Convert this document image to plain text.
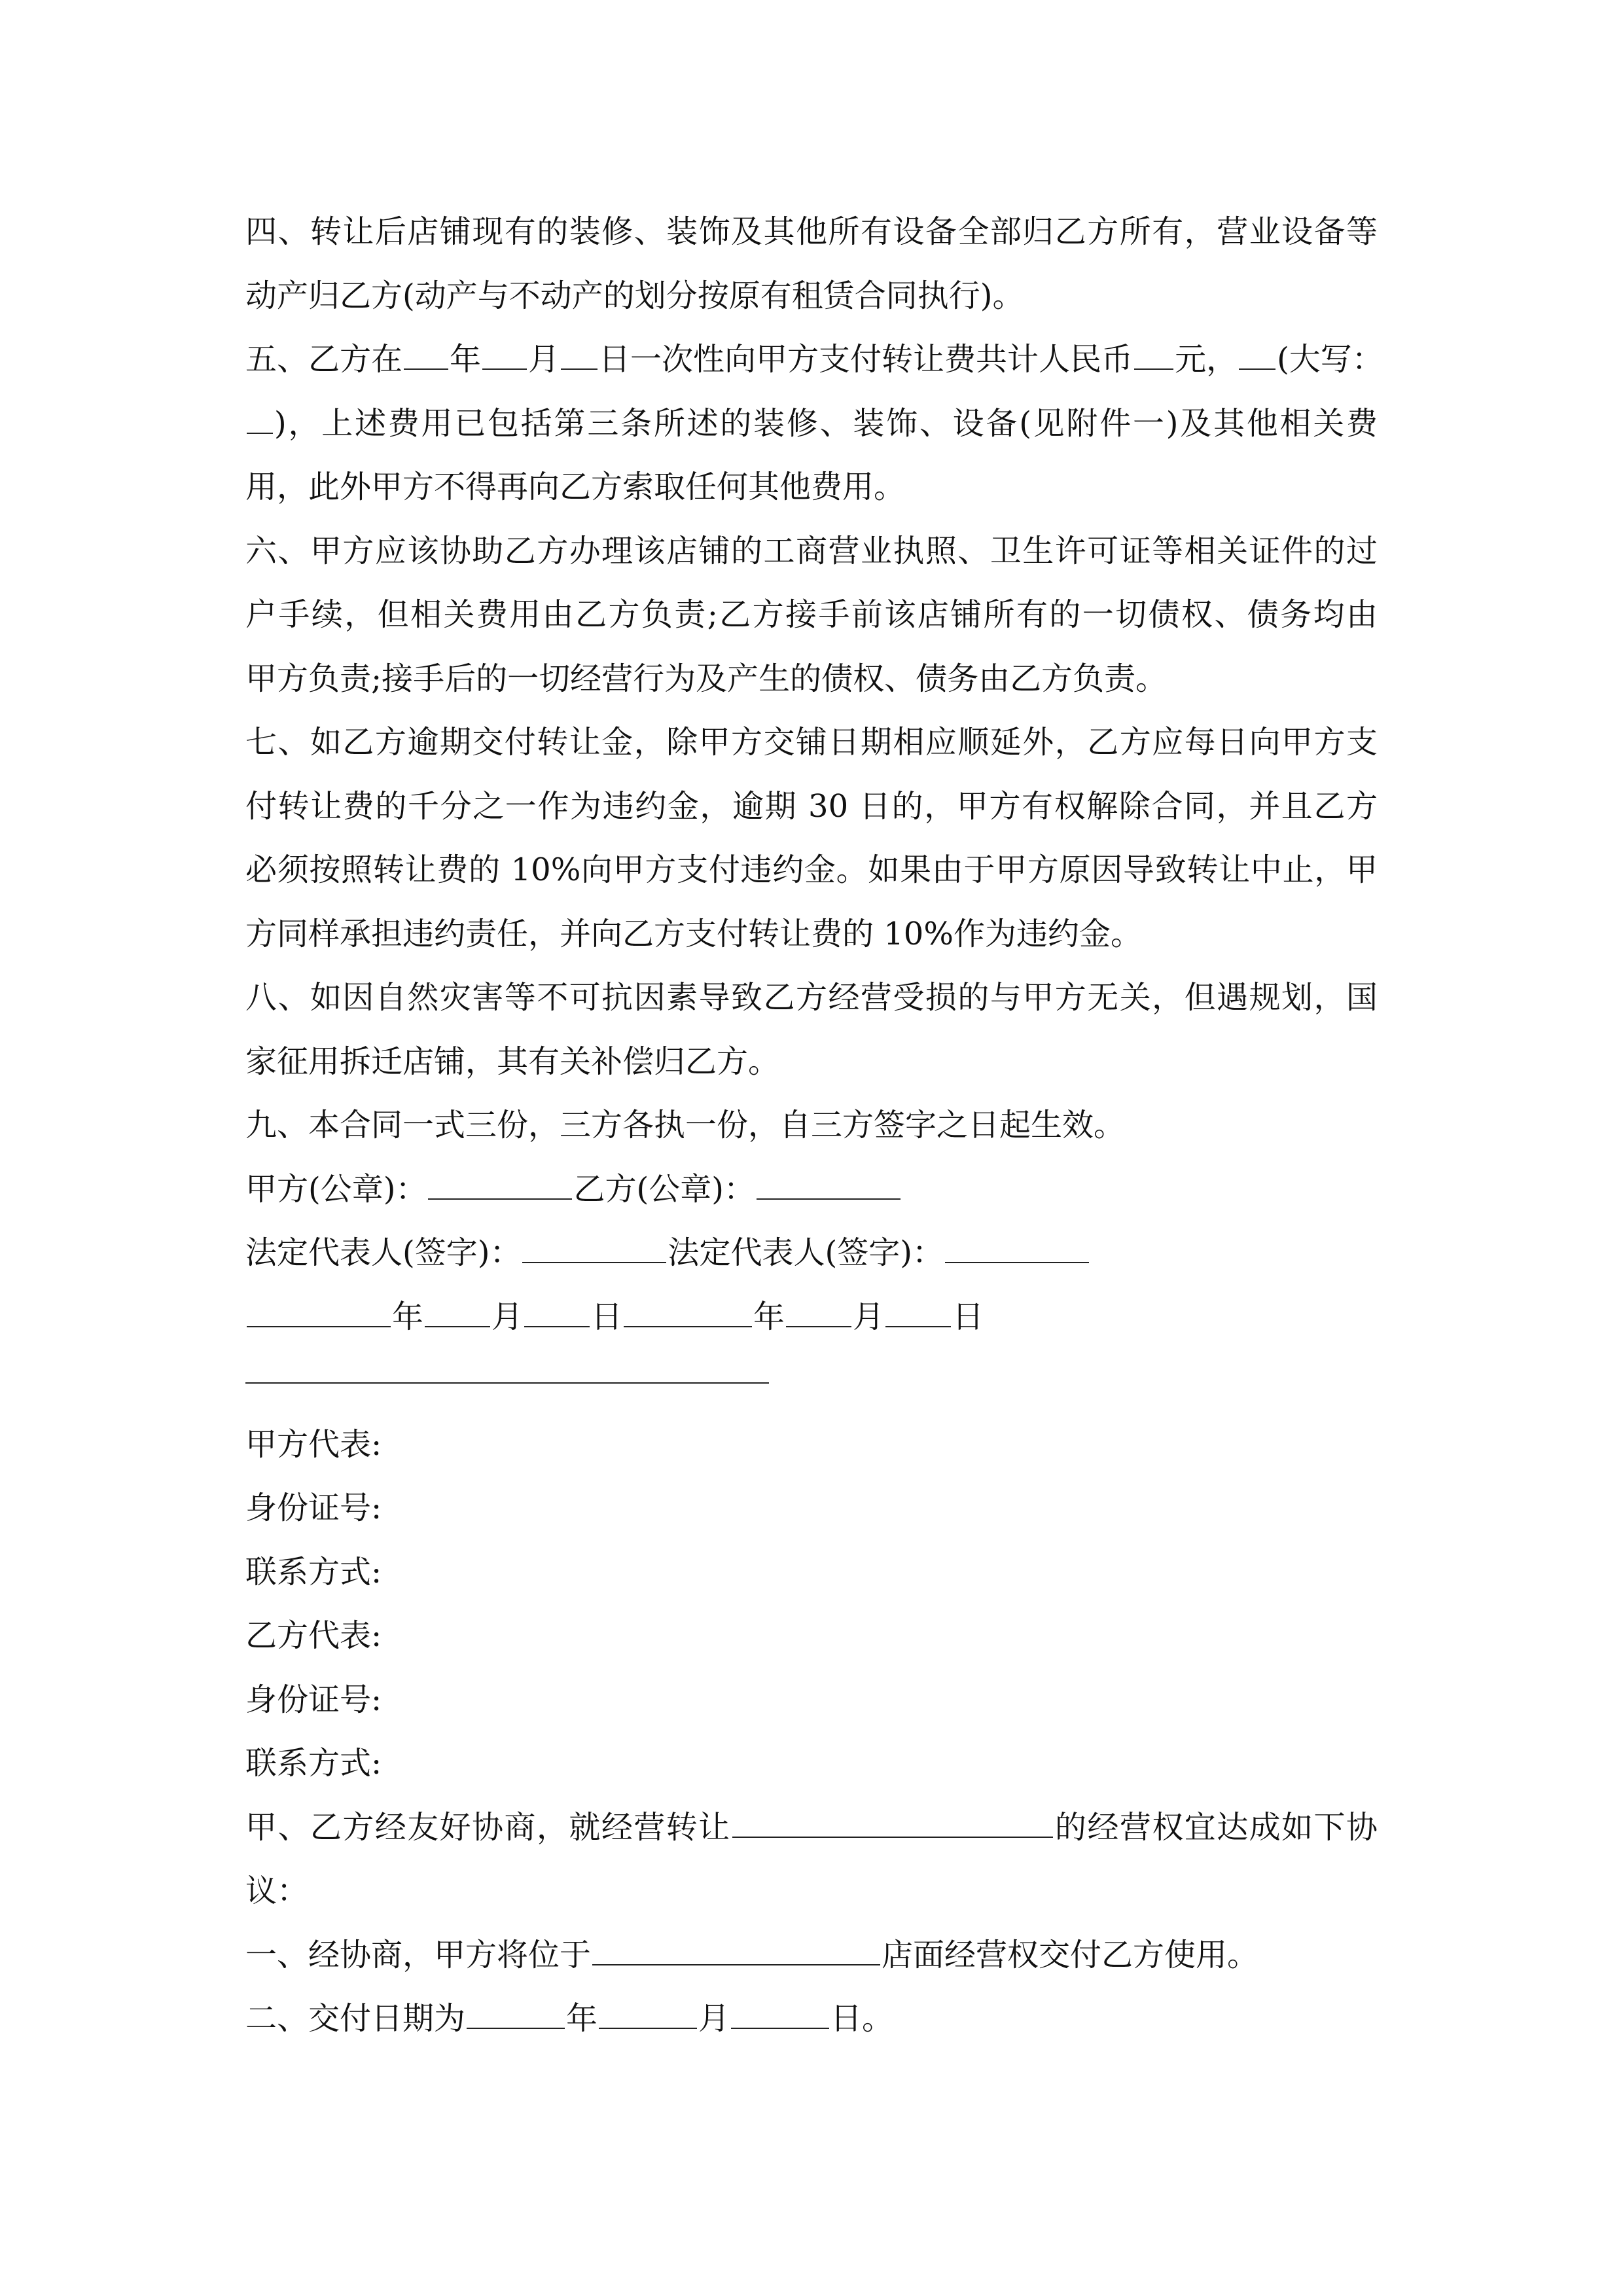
四、转让后店铺现有的装修、装饰及其他所有设备全部归乙方所有，营业设备等
动产归乙方(动产与不动产的划分按原有租赁合同执行)。
五、乙方在 年 月 日一次性向甲方支付转让费共计人民币 元， (大写：
)，上述费用已包括第三条所述的装修、装饰、设备(见附件一)及其他相关费
用，此外甲方不得再向乙方索取任何其他费用。
六、甲方应该协助乙方办理该店铺的工商营业执照、卫生许可证等相关证件的过
户手续，但相关费用由乙方负责;乙方接手前该店铺所有的一切债权、债务均由
甲方负责;接手后的一切经营行为及产生的债权、债务由乙方负责。
七、如乙方逾期交付转让金，除甲方交铺日期相应顺延外，乙方应每日向甲方支
付转让费的千分之一作为违约金，逾期 30 日的，甲方有权解除合同，并且乙方
必须按照转让费的 10%向甲方支付违约金。如果由于甲方原因导致转让中止，甲
方同样承担违约责任，并向乙方支付转让费的 10%作为违约金。
八、如因自然灾害等不可抗因素导致乙方经营受损的与甲方无关，但遇规划，国
家征用拆迁店铺，其有关补偿归乙方。
九、本合同一式三份，三方各执一份，自三方签字之日起生效。
甲方(公章)：	乙方(公章)：
法定代表人(签字)：	法定代表人(签字)：
年 月 日	年 月 日
甲方代表:
身份证号:
联系方式:
乙方代表:
身份证号:
联系方式:
甲、乙方经友好协商，就经营转让	的经营权宜达成如下协
议：
一、经协商，甲方将位于	店面经营权交付乙方使用。
二、交付日期为	年	月	日。
